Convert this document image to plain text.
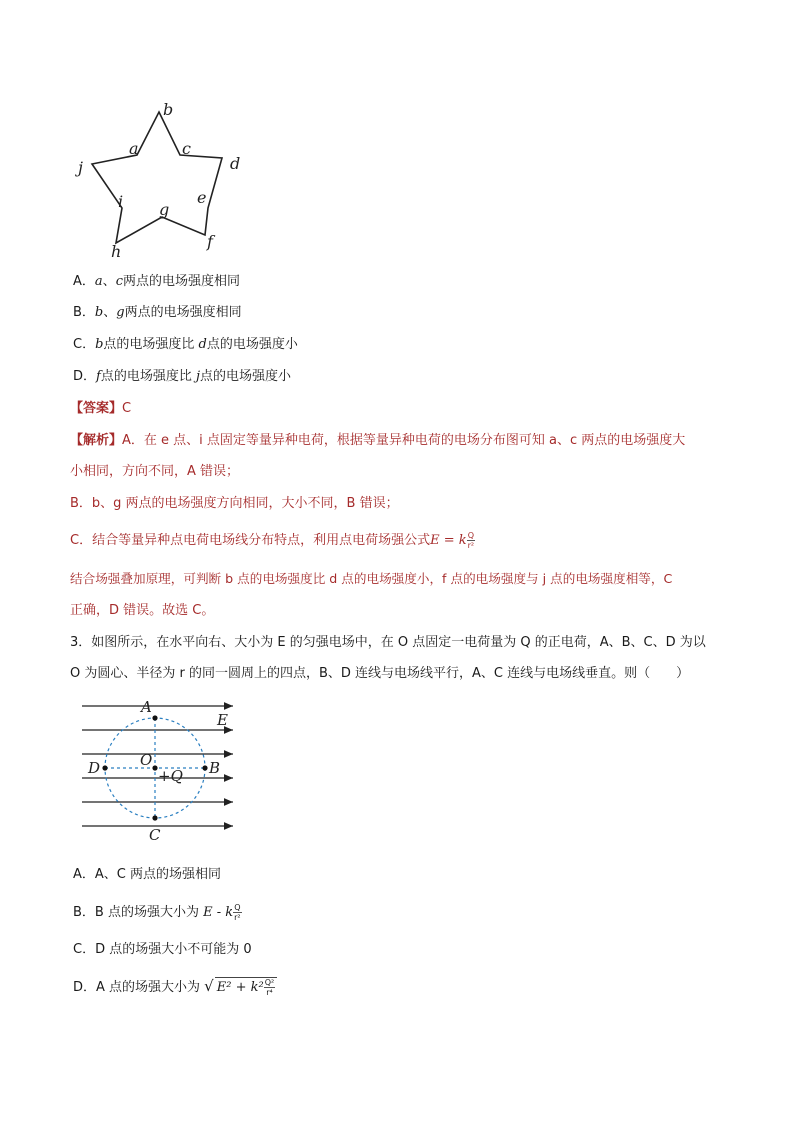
b
a	c
d
j
i g
e
h
f
A．a、c两点的电场强度相同
B．b、g两点的电场强度相同
C．b点的电场强度比 d点的电场强度小
D．f点的电场强度比 j点的电场强度小
【答案】C
【解析】A．在 e 点、i 点固定等量异种电荷，根据等量异种电荷的电场分布图可知 a、c 两点的电场强度大
小相同，方向不同，A 错误；
B．b、g 两点的电场强度方向相同，大小不同，B 错误；
C．结合等量异种点电荷电场线分布特点，利用点电荷场强公式E = k $\frac{Q}{\text{r²}}$
结合场强叠加原理，可判断 b 点的电场强度比 d 点的电场强度小，f 点的电场强度与 j 点的电场强度相等，C
正确，D 错误。故选 C。
3．如图所示，在水平向右、大小为 E 的匀强电场中，在 O 点固定一电荷量为 Q 的正电荷，A、B、C、D 为以
O 为圆心、半径为 r 的同一圆周上的四点，B、D 连线与电场线平行，A、C 连线与电场线垂直。则（　　）
A
E
O
+Q
D	B
C
A．A、C 两点的场强相同
B．B 点的场强大小为 E - k $\frac{Q}{\text{r²}}$
C．D 点的场强大小不可能为 0
D．A 点的场强大小为 √ $E^2 + k^2 \frac{\text{Q²}}{\text{r⁴}}$
